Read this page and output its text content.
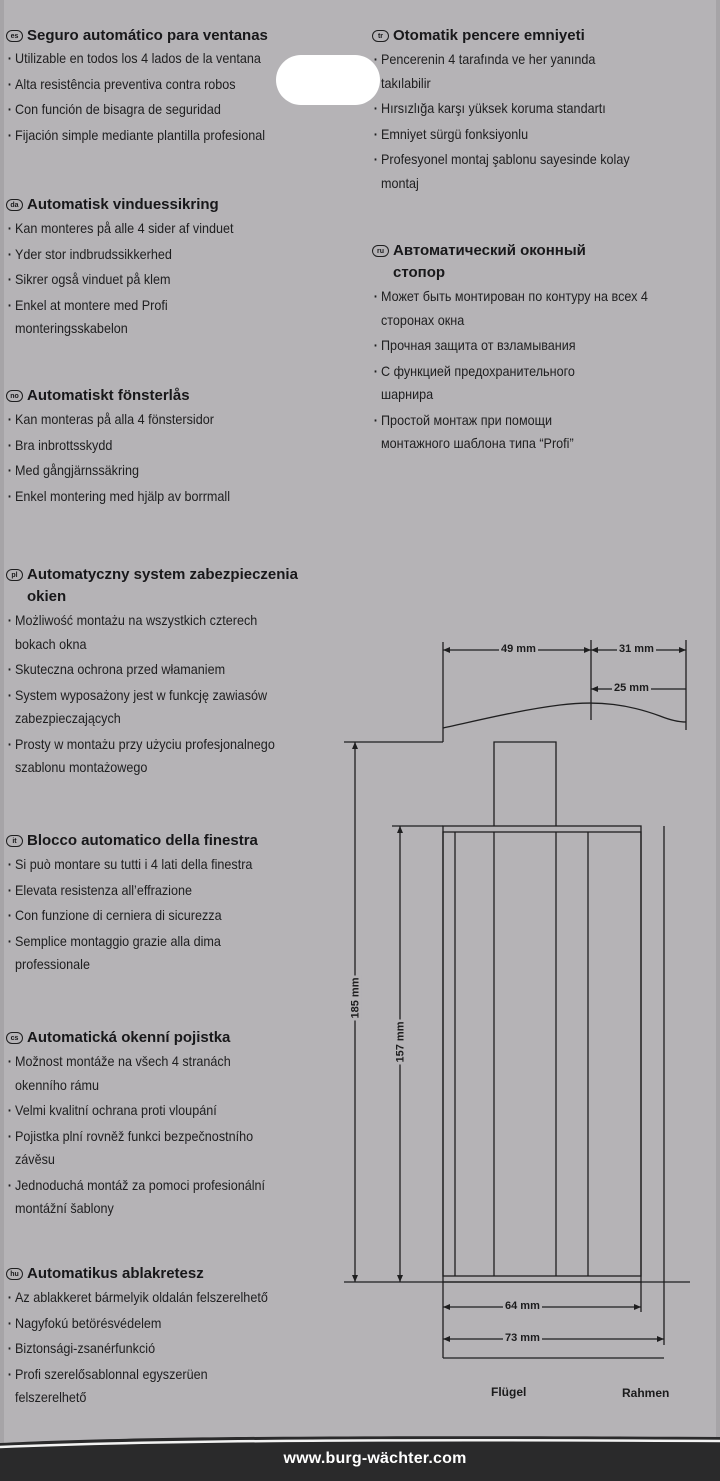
es Seguro automático para ventanas
· Utilizable en todos los 4 lados de la ventana
· Alta resistência preventiva contra robos
· Con función de bisagra de seguridad
· Fijación simple mediante plantilla profesional
da Automatisk vinduessikring
· Kan monteres på alle 4 sider af vinduet
· Yder stor indbrudssikkerhed
· Sikrer også vinduet på klem
· Enkel at montere med Profi monteringsskabelon
no Automatiskt fönsterlås
· Kan monteras på alla 4 fönstersidor
· Bra inbrottsskydd
· Med gångjärnssäkring
· Enkel montering med hjälp av borrmall
pl Automatyczny system zabezpieczenia okien
· Możliwość montażu na wszystkich czterech bokach okna
· Skuteczna ochrona przed włamaniem
· System wyposażony jest w funkcję zawiasów zabezpieczających
· Prosty w montażu przy użyciu profesjonalnego szablonu montażowego
it Blocco automatico della finestra
· Si può montare su tutti i 4 lati della finestra
· Elevata resistenza all’effrazione
· Con funzione di cerniera di sicurezza
· Semplice montaggio grazie alla dima professionale
cs Automatická okenní pojistka
· Možnost montáže na všech 4 stranách okenního rámu
· Velmi kvalitní ochrana proti vloupání
· Pojistka plní rovněž funkci bezpečnostního závěsu
· Jednoduchá montáž za pomoci profesionální montážní šablony
hu Automatikus ablakretesz
· Az ablakkeret bármelyik oldalán felszerelhető
· Nagyfokú betörésvédelem
· Biztonsági-zsanérfunkció
· Profi szerelősablonnal egyszerüen felszerelhető
tr Otomatik pencere emniyeti
· Pencerenin 4 tarafında ve her yanında takılabilir
· Hırsızlığa karşı yüksek koruma standartı
· Emniyet sürgü fonksiyonlu
· Profesyonel montaj şablonu sayesinde kolay montaj
ru Автоматический оконный стопор
· Может быть монтирован по контуру на всех 4 сторонах окна
· Прочная защита от взламывания
· С функцией предохранительного шарнира
· Простой монтаж при помощи монтажного шаблона типа “Profi”
49 mm	31 mm
25 mm
185 mm
157 mm
64 mm
73 mm
Flügel	Rahmen
www.burg-wächter.com
